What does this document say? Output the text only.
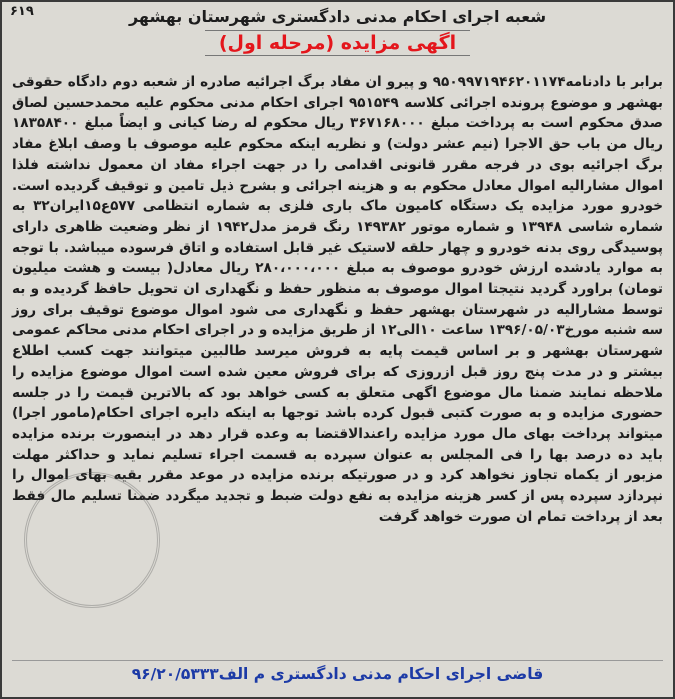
۶۱۹	شعبه اجرای احکام مدنی دادگستری شهرستان بهشهر

اگهی مزایده (مرحله اول)

برابر با دادنامه۹۵۰۹۹۷۱۹۴۶۲۰۱۱۷۴ و پیرو ان مفاد برگ اجرائیه صادره از شعبه دوم دادگاه حقوقی بهشهر و موضوع پرونده اجرائی کلاسه ۹۵۱۵۴۹ اجرای احکام مدنی محکوم علیه محمدحسین لصاق صدق محکوم است به پرداخت مبلغ ۳۶۷۱۶۸۰۰۰ ریال محکوم له رضا کیانی و ایضاً مبلغ ۱۸۳۵۸۴۰۰ ریال من باب حق الاجرا (نیم عشر دولت) و نظریه اینکه محکوم علیه موصوف با وصف ابلاغ مفاد برگ اجرائیه بوی در فرجه مقرر قانونی اقدامی را در جهت اجراء مفاد ان معمول نداشته فلذا اموال مشارالیه اموال معادل محکوم به و هزینه اجرائی و بشرح ذیل تامین و توقیف گردیده است. خودرو مورد مزایده یک دستگاه کامیون ماک باری فلزی به شماره انتظامی ۵۷۷ع۱۵ایران۳۲ به شماره شاسی ۱۳۹۴۸ و شماره موتور ۱۴۹۳۸۲ رنگ قرمز مدل۱۹۴۲ از نظر وضعیت ظاهری دارای پوسیدگی روی بدنه خودرو و چهار حلقه لاستیک غیر قابل استفاده و اتاق فرسوده میباشد. با توجه به موارد یادشده ارزش خودرو موصوف به مبلغ ۲۸۰،۰۰۰،۰۰۰ ریال معادل( بیست و هشت میلیون تومان) براورد گردید نتیجتا اموال موصوف به منظور حفظ و نگهداری ان تحویل حافظ گردیده و به توسط مشارالیه در شهرستان بهشهر حفظ و نگهداری می شود اموال موضوع توقیف برای روز سه شنبه مورخ۱۳۹۶/۰۵/۰۳ ساعت ۱۰الی۱۲ از طریق مزایده و در اجرای احکام مدنی محاکم عمومی شهرستان بهشهر و بر اساس قیمت پایه به فروش میرسد طالبین میتوانند جهت کسب اطلاع بیشتر و در مدت پنج روز قبل ازروزی که برای فروش معین شده است اموال موضوع مزایده را ملاحظه نمایند ضمنا مال موضوع اگهی متعلق به کسی خواهد بود که بالاترین قیمت را در جلسه حضوری مزایده و به صورت کتبی قبول کرده باشد توجها به اینکه دایره اجرای احکام(مامور اجرا) میتواند پرداخت بهای مال مورد مزایده راعندالاقتضا به وعده قرار دهد در اینصورت برنده مزایده باید ده درصد بها را فی المجلس به عنوان سپرده به قسمت اجراء تسلیم نماید و حداکثر مهلت مزبور از یکماه تجاوز نخواهد کرد و در صورتیکه برنده مزایده در موعد مقرر بقیه بهای اموال را نپردازد سپرده پس از کسر هزینه مزایده به نفع دولت ضبط و تجدید میگردد ضمنا تسلیم مال فقط بعد از پرداخت تمام ان صورت خواهد گرفت

قاضی اجرای احکام مدنی دادگستری م الف۹۶/۲۰/۵۳۳۳
